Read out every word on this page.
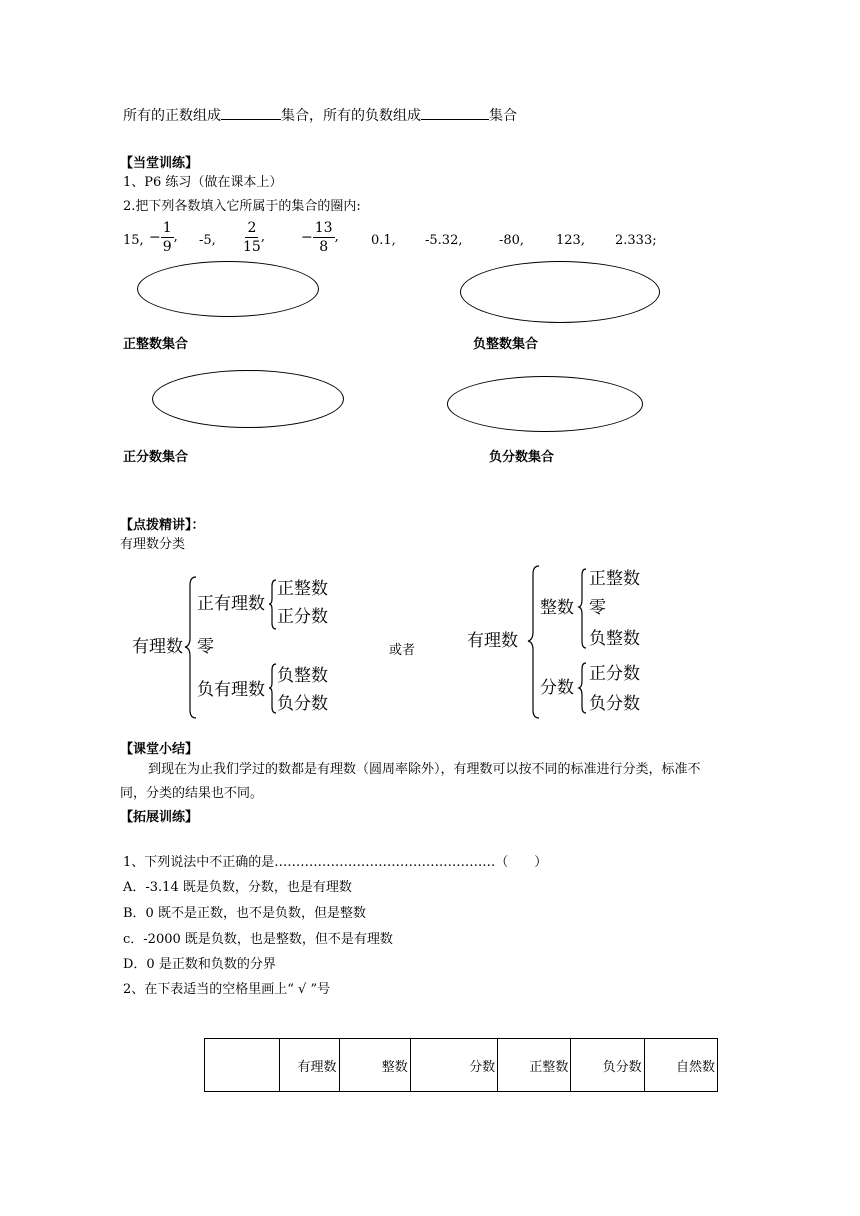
所有的正数组成	集合，所有的负数组成	集合
【当堂训练】
1、P6 练习（做在课本上）
2.把下列各数填入它所属于的集合的圈内:
15, − $\frac{1}{9}$ , -5, $\frac{2}{15}$ ,	− $\frac{13}{8}$ , 0.1, -5.32,	-80, 123, 2.333;
正整数集合	负整数集合
正分数集合	负分数集合
【点拨精讲】：
有理数分类
有理数
正有理数
正整数
正分数
零
负有理数
负整数
负分数
或者	有理数
整数
正整数
零
负整数
分数
正分数
负分数
【课堂小结】
到现在为止我们学过的数都是有理数（圆周率除外），有理数可以按不同的标准进行分类，标准不
同，分类的结果也不同。
【拓展训练】
1、下列说法中不正确的是……………………………………………（　　）
A．-3.14 既是负数，分数，也是有理数
B．0 既不是正数，也不是负数，但是整数
c．-2000 既是负数，也是整数，但不是有理数
D．0 是正数和负数的分界
2、在下表适当的空格里画上“ √ ”号
	有理数	整数	分数	正整数	负分数	自然数
